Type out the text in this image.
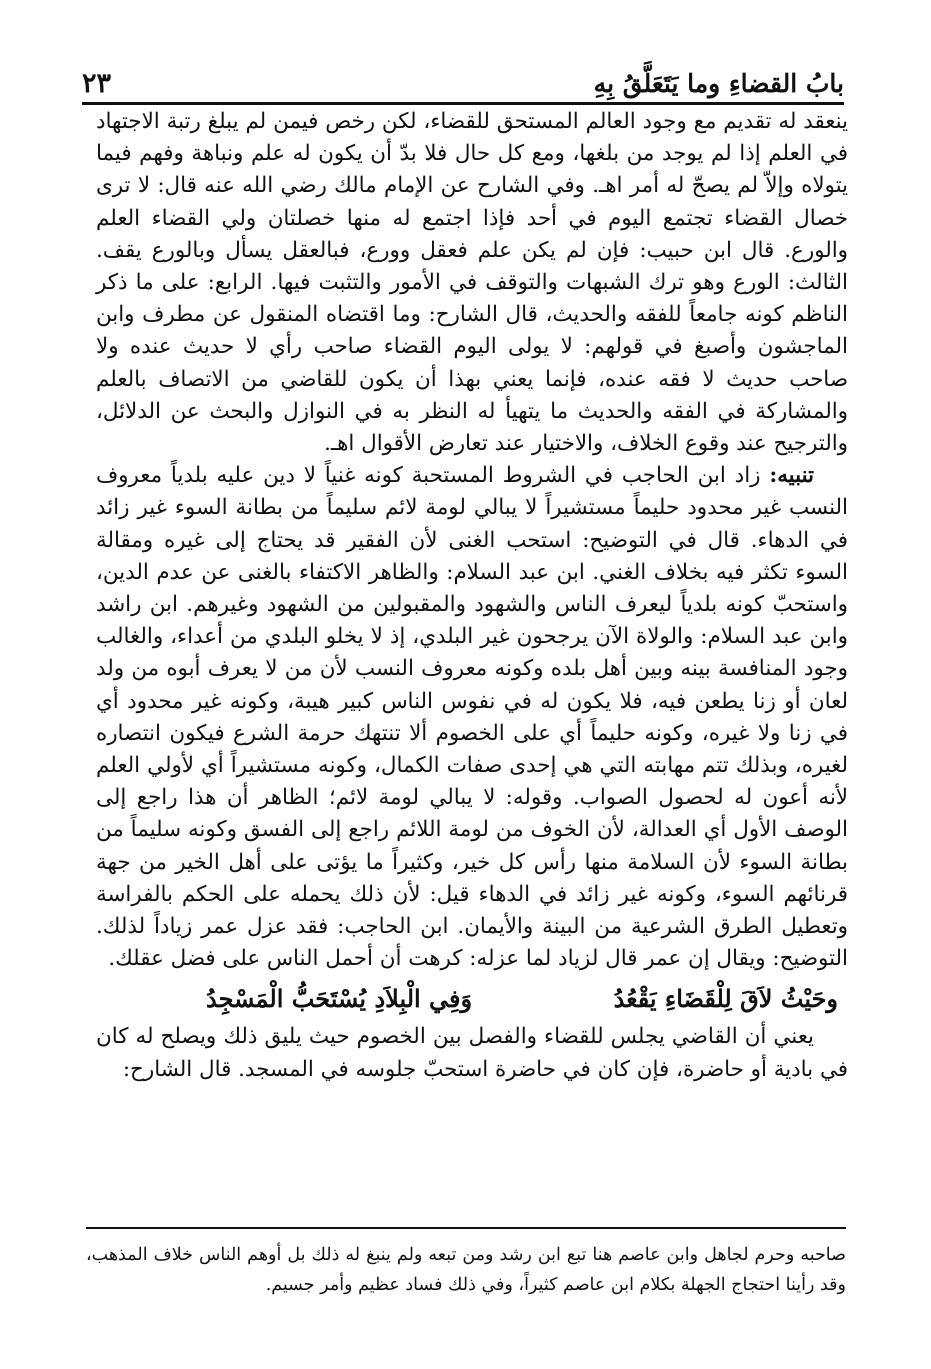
بابُ القضاءِ وما يَتَعَلَّقُ بِهِ
٢٣

ينعقد له تقديم مع وجود العالم المستحق للقضاء، لكن رخص فيمن لم يبلغ رتبة الاجتهاد في العلم إذا لم يوجد من بلغها، ومع كل حال فلا بدّ أن يكون له علم ونباهة وفهم فيما يتولاه وإلاّ لم يصحّ له أمر اهـ. وفي الشارح عن الإمام مالك رضي الله عنه قال: لا ترى خصال القضاء تجتمع اليوم في أحد فإذا اجتمع له منها خصلتان ولي القضاء العلم والورع. قال ابن حبيب: فإن لم يكن علم فعقل وورع، فبالعقل يسأل وبالورع يقف. الثالث: الورع وهو ترك الشبهات والتوقف في الأمور والتثبت فيها. الرابع: على ما ذكر الناظم كونه جامعاً للفقه والحديث، قال الشارح: وما اقتضاه المنقول عن مطرف وابن الماجشون وأصبغ في قولهم: لا يولى اليوم القضاء صاحب رأي لا حديث عنده ولا صاحب حديث لا فقه عنده، فإنما يعني بهذا أن يكون للقاضي من الاتصاف بالعلم والمشاركة في الفقه والحديث ما يتهيأ له النظر به في النوازل والبحث عن الدلائل، والترجيح عند وقوع الخلاف، والاختيار عند تعارض الأقوال اهـ.

تنبيه: زاد ابن الحاجب في الشروط المستحبة كونه غنياً لا دين عليه بلدياً معروف النسب غير محدود حليماً مستشيراً لا يبالي لومة لائم سليماً من بطانة السوء غير زائد في الدهاء. قال في التوضيح: استحب الغنى لأن الفقير قد يحتاج إلى غيره ومقالة السوء تكثر فيه بخلاف الغني. ابن عبد السلام: والظاهر الاكتفاء بالغنى عن عدم الدين، واستحبّ كونه بلدياً ليعرف الناس والشهود والمقبولين من الشهود وغيرهم. ابن راشد وابن عبد السلام: والولاة الآن يرجحون غير البلدي، إذ لا يخلو البلدي من أعداء، والغالب وجود المنافسة بينه وبين أهل بلده وكونه معروف النسب لأن من لا يعرف أبوه من ولد لعان أو زنا يطعن فيه، فلا يكون له في نفوس الناس كبير هيبة، وكونه غير محدود أي في زنا ولا غيره، وكونه حليماً أي على الخصوم ألا تنتهك حرمة الشرع فيكون انتصاره لغيره، وبذلك تتم مهابته التي هي إحدى صفات الكمال، وكونه مستشيراً أي لأولي العلم لأنه أعون له لحصول الصواب. وقوله: لا يبالي لومة لائم؛ الظاهر أن هذا راجع إلى الوصف الأول أي العدالة، لأن الخوف من لومة اللائم راجع إلى الفسق وكونه سليماً من بطانة السوء لأن السلامة منها رأس كل خير، وكثيراً ما يؤتى على أهل الخير من جهة قرنائهم السوء، وكونه غير زائد في الدهاء قيل: لأن ذلك يحمله على الحكم بالفراسة وتعطيل الطرق الشرعية من البينة والأيمان. ابن الحاجب: فقد عزل عمر زياداً لذلك. التوضيح: ويقال إن عمر قال لزياد لما عزله: كرهت أن أحمل الناس على فضل عقلك.

وحَيْثُ لاَقَ لِلْقَضَاءِ يَقْعُدُ
وَفِي الْبِلاَدِ يُسْتَحَبُّ الْمَسْجِدُ

يعني أن القاضي يجلس للقضاء والفصل بين الخصوم حيث يليق ذلك ويصلح له كان في بادية أو حاضرة، فإن كان في حاضرة استحبّ جلوسه في المسجد. قال الشارح:

صاحبه وحرم لجاهل وابن عاصم هنا تبع ابن رشد ومن تبعه ولم ينبغ له ذلك بل أوهم الناس خلاف المذهب، وقد رأينا احتجاج الجهلة بكلام ابن عاصم كثيراً، وفي ذلك فساد عظيم وأمر جسيم.
